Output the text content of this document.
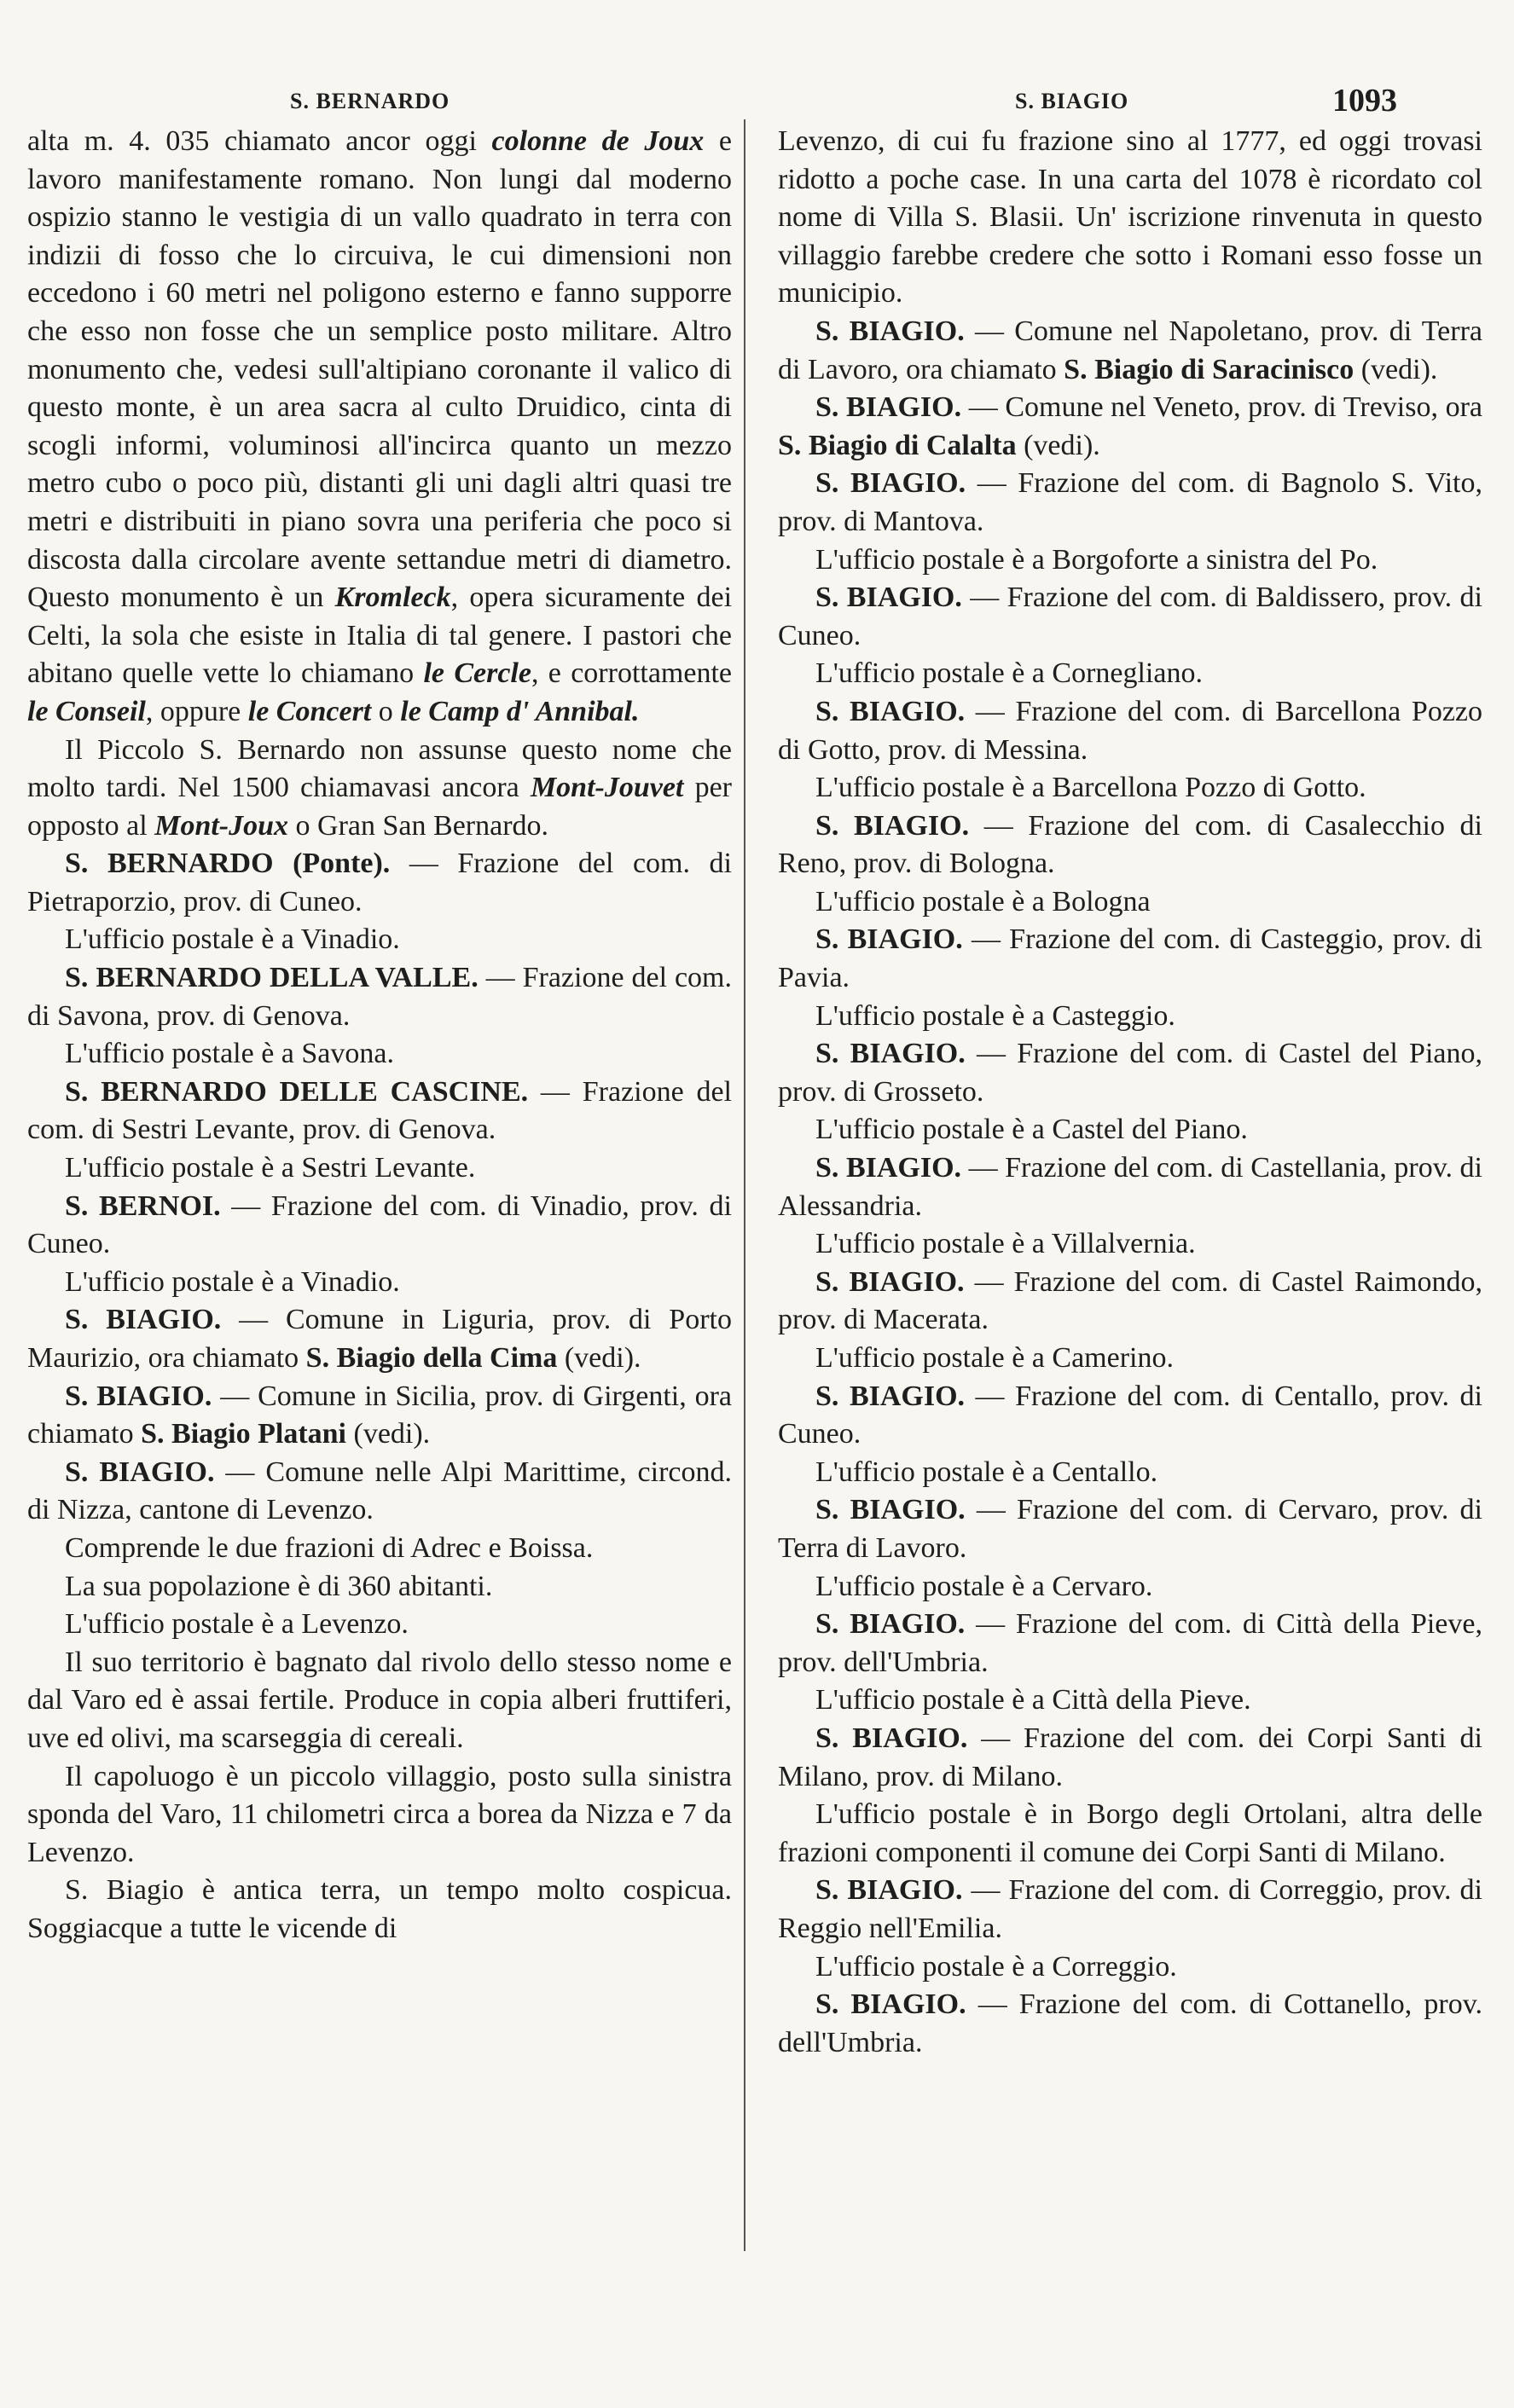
S. BERNARDO	S. BIAGIO	1093

alta m. 4. 035 chiamato ancor oggi colonne de Joux e lavoro manifestamente romano. Non lungi dal moderno ospizio stanno le vestigia di un vallo quadrato in terra con indizii di fosso che lo circuiva, le cui dimensioni non eccedono i 60 metri nel poligono esterno e fanno supporre che esso non fosse che un semplice posto militare. Altro monumento che, vedesi sull'altipiano coronante il valico di questo monte, è un area sacra al culto Druidico, cinta di scogli informi, voluminosi all'incirca quanto un mezzo metro cubo o poco più, distanti gli uni dagli altri quasi tre metri e distribuiti in piano sovra una periferia che poco si discosta dalla circolare avente settandue metri di diametro. Questo monumento è un Kromleck, opera sicuramente dei Celti, la sola che esiste in Italia di tal genere. I pastori che abitano quelle vette lo chiamano le Cercle, e corrottamente le Conseil, oppure le Concert o le Camp d' Annibal.

Il Piccolo S. Bernardo non assunse questo nome che molto tardi. Nel 1500 chiamavasi ancora Mont-Jouvet per opposto al Mont-Joux o Gran San Bernardo.

S. BERNARDO (Ponte). — Frazione del com. di Pietraporzio, prov. di Cuneo.

L'ufficio postale è a Vinadio.

S. BERNARDO DELLA VALLE. — Frazione del com. di Savona, prov. di Genova.

L'ufficio postale è a Savona.

S. BERNARDO DELLE CASCINE. — Frazione del com. di Sestri Levante, prov. di Genova.

L'ufficio postale è a Sestri Levante.

S. BERNOI. — Frazione del com. di Vinadio, prov. di Cuneo.

L'ufficio postale è a Vinadio.

S. BIAGIO. — Comune in Liguria, prov. di Porto Maurizio, ora chiamato S. Biagio della Cima (vedi).

S. BIAGIO. — Comune in Sicilia, prov. di Girgenti, ora chiamato S. Biagio Platani (vedi).

S. BIAGIO. — Comune nelle Alpi Marittime, circond. di Nizza, cantone di Levenzo.

Comprende le due frazioni di Adrec e Boissa.

La sua popolazione è di 360 abitanti.

L'ufficio postale è a Levenzo.

Il suo territorio è bagnato dal rivolo dello stesso nome e dal Varo ed è assai fertile. Produce in copia alberi fruttiferi, uve ed olivi, ma scarseggia di cereali.

Il capoluogo è un piccolo villaggio, posto sulla sinistra sponda del Varo, 11 chilometri circa a borea da Nizza e 7 da Levenzo.

S. Biagio è antica terra, un tempo molto cospicua. Soggiacque a tutte le vicende di

Levenzo, di cui fu frazione sino al 1777, ed oggi trovasi ridotto a poche case. In una carta del 1078 è ricordato col nome di Villa S. Blasii. Un' iscrizione rinvenuta in questo villaggio farebbe credere che sotto i Romani esso fosse un municipio.

S. BIAGIO. — Comune nel Napoletano, prov. di Terra di Lavoro, ora chiamato S. Biagio di Saracinisco (vedi).

S. BIAGIO. — Comune nel Veneto, prov. di Treviso, ora S. Biagio di Calalta (vedi).

S. BIAGIO. — Frazione del com. di Bagnolo S. Vito, prov. di Mantova.

L'ufficio postale è a Borgoforte a sinistra del Po.

S. BIAGIO. — Frazione del com. di Baldissero, prov. di Cuneo.

L'ufficio postale è a Cornegliano.

S. BIAGIO. — Frazione del com. di Barcellona Pozzo di Gotto, prov. di Messina.

L'ufficio postale è a Barcellona Pozzo di Gotto.

S. BIAGIO. — Frazione del com. di Casalecchio di Reno, prov. di Bologna.

L'ufficio postale è a Bologna

S. BIAGIO. — Frazione del com. di Casteggio, prov. di Pavia.

L'ufficio postale è a Casteggio.

S. BIAGIO. — Frazione del com. di Castel del Piano, prov. di Grosseto.

L'ufficio postale è a Castel del Piano.

S. BIAGIO. — Frazione del com. di Castellania, prov. di Alessandria.

L'ufficio postale è a Villalvernia.

S. BIAGIO. — Frazione del com. di Castel Raimondo, prov. di Macerata.

L'ufficio postale è a Camerino.

S. BIAGIO. — Frazione del com. di Centallo, prov. di Cuneo.

L'ufficio postale è a Centallo.

S. BIAGIO. — Frazione del com. di Cervaro, prov. di Terra di Lavoro.

L'ufficio postale è a Cervaro.

S. BIAGIO. — Frazione del com. di Città della Pieve, prov. dell'Umbria.

L'ufficio postale è a Città della Pieve.

S. BIAGIO. — Frazione del com. dei Corpi Santi di Milano, prov. di Milano.

L'ufficio postale è in Borgo degli Ortolani, altra delle frazioni componenti il comune dei Corpi Santi di Milano.

S. BIAGIO. — Frazione del com. di Correggio, prov. di Reggio nell'Emilia.

L'ufficio postale è a Correggio.

S. BIAGIO. — Frazione del com. di Cottanello, prov. dell'Umbria.
